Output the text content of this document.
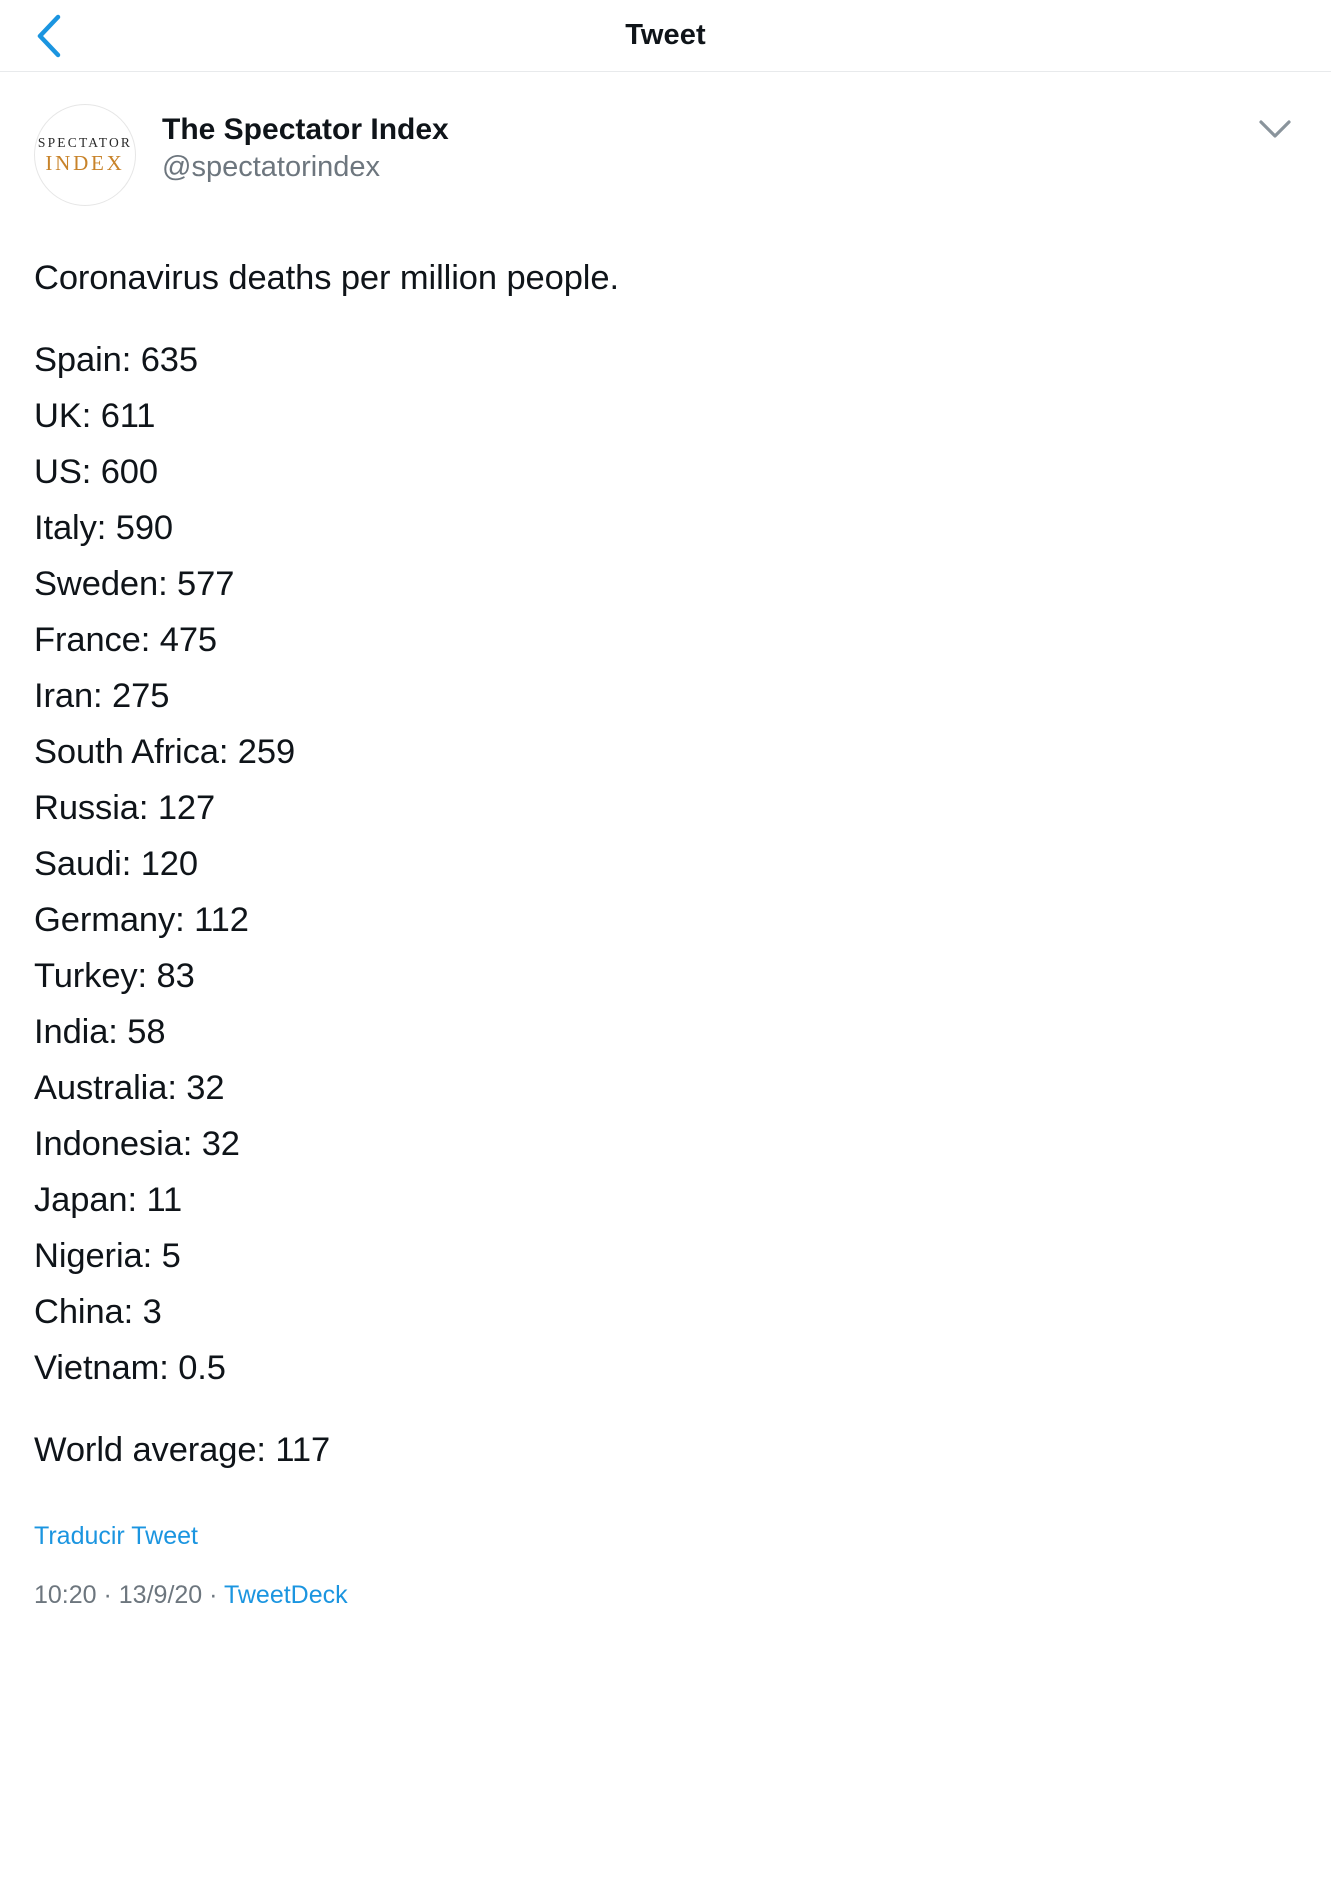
Tweet
SPECTATOR
INDEX
The Spectator Index
@spectatorindex
Coronavirus deaths per million people.
Spain: 635
UK: 611
US: 600
Italy: 590
Sweden: 577
France: 475
Iran: 275
South Africa: 259
Russia: 127
Saudi: 120
Germany: 112
Turkey: 83
India: 58
Australia: 32
Indonesia: 32
Japan: 11
Nigeria: 5
China: 3
Vietnam: 0.5
World average: 117
Traducir Tweet
10:20 · 13/9/20 · TweetDeck
